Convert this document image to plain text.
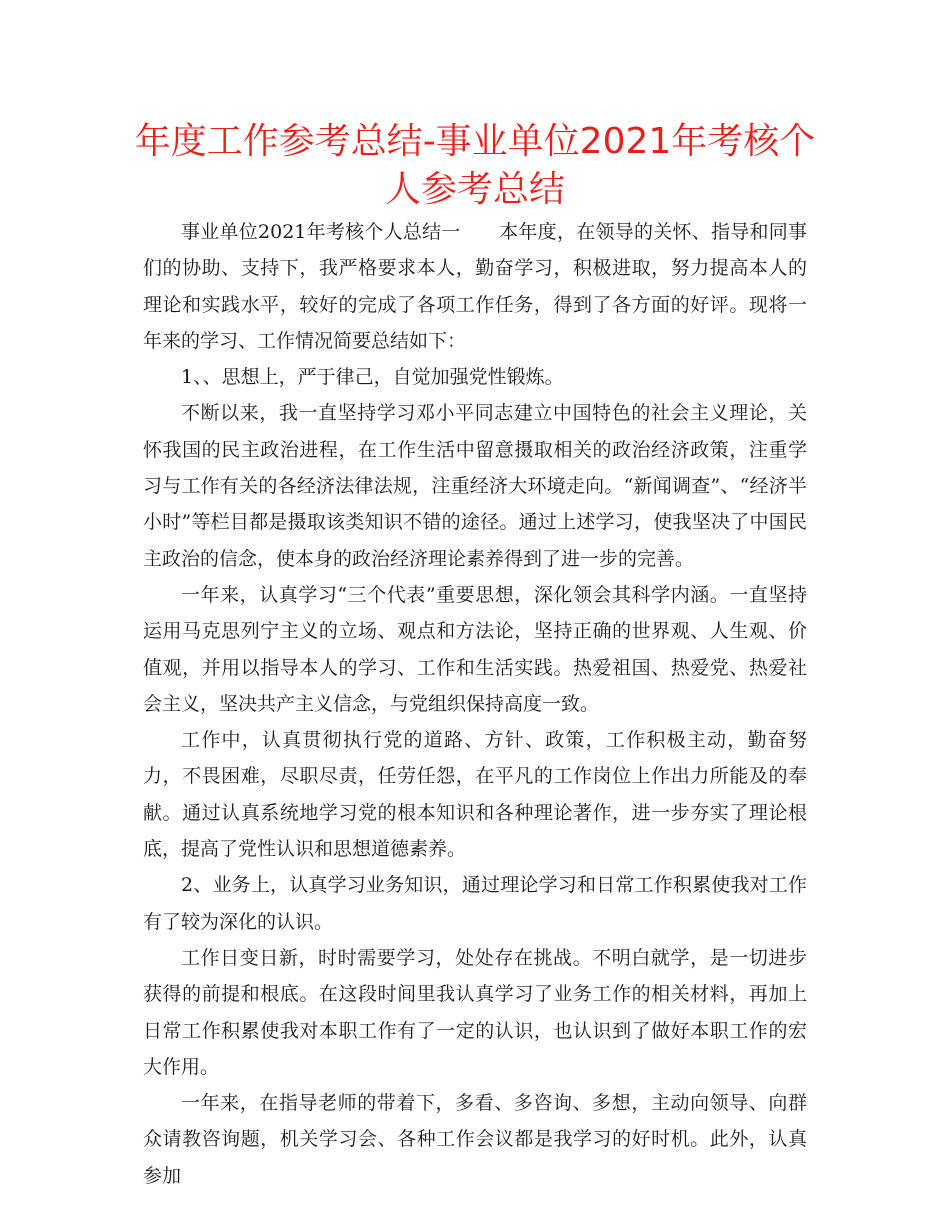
年度工作参考总结-事业单位2021年考核个人参考总结

事业单位2021年考核个人总结一　　本年度，在领导的关怀、指导和同事们的协助、支持下，我严格要求本人，勤奋学习，积极进取，努力提高本人的理论和实践水平，较好的完成了各项工作任务，得到了各方面的好评。现将一年来的学习、工作情况简要总结如下：

1、、思想上，严于律己，自觉加强党性锻炼。

不断以来，我一直坚持学习邓小平同志建立中国特色的社会主义理论，关怀我国的民主政治进程，在工作生活中留意摄取相关的政治经济政策，注重学习与工作有关的各经济法律法规，注重经济大环境走向。“新闻调查”、“经济半小时”等栏目都是摄取该类知识不错的途径。通过上述学习，使我坚决了中国民主政治的信念，使本身的政治经济理论素养得到了进一步的完善。

一年来，认真学习“三个代表”重要思想，深化领会其科学内涵。一直坚持运用马克思列宁主义的立场、观点和方法论，坚持正确的世界观、人生观、价值观，并用以指导本人的学习、工作和生活实践。热爱祖国、热爱党、热爱社会主义，坚决共产主义信念，与党组织保持高度一致。

工作中，认真贯彻执行党的道路、方针、政策，工作积极主动，勤奋努力，不畏困难，尽职尽责，任劳任怨，在平凡的工作岗位上作出力所能及的奉献。通过认真系统地学习党的根本知识和各种理论著作，进一步夯实了理论根底，提高了党性认识和思想道德素养。

2、业务上，认真学习业务知识，通过理论学习和日常工作积累使我对工作有了较为深化的认识。

工作日变日新，时时需要学习，处处存在挑战。不明白就学，是一切进步获得的前提和根底。在这段时间里我认真学习了业务工作的相关材料，再加上日常工作积累使我对本职工作有了一定的认识，也认识到了做好本职工作的宏大作用。

一年来，在指导老师的带着下，多看、多咨询、多想，主动向领导、向群众请教咨询题，机关学习会、各种工作会议都是我学习的好时机。此外，认真参加
